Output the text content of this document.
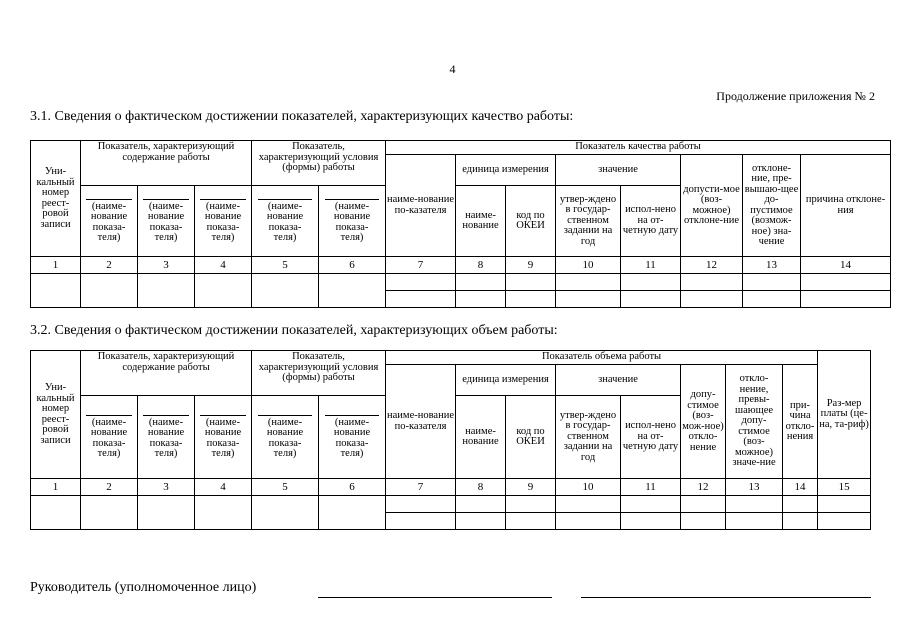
4
Продолжение приложения № 2
3.1. Сведения о фактическом достижении показателей, характеризующих качество работы:
Уни-кальный номер реест-ровой записи	Показатель, характеризующий содержание работы			Показатель, характеризующий условия (формы) работы		Показатель качества работы							
						наиме-нование по-казателя	единица измерения		значение		допусти-мое (воз-можное) отклоне-ние	отклоне-ние, пре-вышаю-щее до-пустимое (возмож-ное) зна-чение	причина отклоне-ния
	(наиме-нование показа-теля)	(наиме-нование показа-теля)	(наиме-нование показа-теля)	(наиме-нование показа-теля)	(наиме-нование показа-теля)		наиме-нование	код по ОКЕИ	утвер-ждено в государ-ственном задании на год	испол-нено на от-четную дату			
1	2	3	4	5	6	7	8	9	10	11	12	13	14

3.2. Сведения о фактическом достижении показателей, характеризующих объем работы:
Уни-кальный номер реест-ровой записи	Показатель, характеризующий содержание работы			Показатель, характеризующий условия (формы) работы		Показатель объема работы								Раз-мер платы (це-на, та-риф)
						наиме-нование по-казателя	единица измерения		значение		допу-стимое (воз-мож-ное) откло-нение	откло-нение, превы-шающее допу-стимое (воз-можное) значе-ние	при-чина откло-нения	
	(наиме-нование показа-теля)	(наиме-нование показа-теля)	(наиме-нование показа-теля)	(наиме-нование показа-теля)	(наиме-нование показа-теля)		наиме-нование	код по ОКЕИ	утвер-ждено в государ-ственном задании на год	испол-нено на от-четную дату				
1	2	3	4	5	6	7	8	9	10	11	12	13	14	15

Руководитель (уполномоченное лицо)
